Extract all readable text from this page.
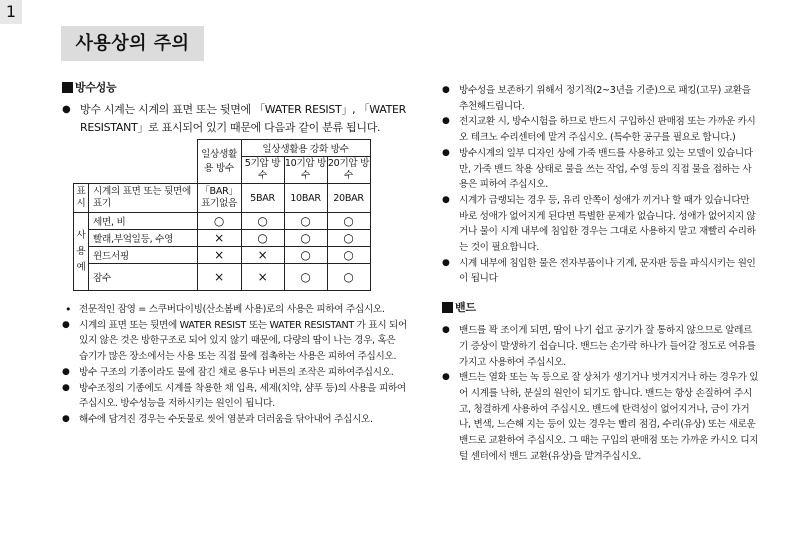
1
사용상의 주의
방수성능
● 방수 시계는 시계의 표면 또는 뒷면에 「WATER RESIST」, 「WATER RESISTANT」로 표시되어 있기 때문에 다음과 같이 분류 됩니다.
		일상생활용 방수	일상생활용 강화 방수		
			5기압 방수	10기압 방수	20기압 방수
표시	시계의 표면 또는 뒷면에 표기	「BAR」 표기없음	5BAR	10BAR	20BAR
사용예	세면, 비	○	○	○	○
	빨래,부엌일등, 수영	×	○	○	○
	윈드서핑	×	×	○	○
	잠수	×	×	○	○
• 전문적인 잠영 = 스쿠버다이빙(산소봄베 사용)로의 사용은 피하여 주십시오.
● 시계의 표면 또는 뒷면에 WATER RESIST 또는 WATER RESISTANT 가 표시 되어 있지 않은 것은 방한구조로 되어 있지 않기 때문에, 다량의 땀이 나는 경우, 혹은 습기가 많은 장소에서는 사용 또는 직접 물에 접촉하는 사용은 피하여 주십시오.
● 방수 구조의 기종이라도 물에 잠긴 채로 용두나 버튼의 조작은 피하여주십시오.
● 방수조정의 기종에도 시계를 착용한 채 입욕, 세제(치약, 샴푸 등)의 사용을 피하여주십시오. 방수성능을 저하시키는 원인이 됩니다.
● 해수에 담겨진 경우는 수돗물로 씻어 염분과 더러움을 닦아내어 주십시오.
● 방수성을 보존하기 위해서 정기적(2~3년을 기준)으로 패킹(고무) 교환을 추천해드립니다.
● 전지교환 시, 방수시험을 하므로 반드시 구입하신 판매점 또는 가까운 카시오 테크노 수리센터에 맡겨 주십시오. (특수한 공구를 필요로 합니다.)
● 방수시계의 일부 디자인 상에 가죽 밴드를 사용하고 있는 모델이 있습니다만, 가죽 밴드 착용 상태로 물을 쓰는 작업, 수영 등의 직접 물을 접하는 사용은 피하여 주십시오.
● 시계가 급랭되는 경우 등, 유리 안쪽이 성애가 끼거나 할 때가 있습니다만 바로 성애가 없어지게 된다면 특별한 문제가 없습니다. 성애가 없어지지 않거나 물이 시계 내부에 침입한 경우는 그대로 사용하지 말고 재빨리 수리하는 것이 필요합니다.
● 시계 내부에 침입한 물은 전자부품이나 기계, 문자판 등을 파식시키는 원인이 됩니다
밴드
● 밴드를 꽉 조이게 되면, 땀이 나기 쉽고 공기가 잘 통하지 않으므로 알레르기 증상이 발생하기 쉽습니다. 밴드는 손가락 하나가 들어갈 정도로 여유를 가지고 사용하여 주십시오.
● 밴드는 열화 또는 녹 등으로 잘 상처가 생기거나 벗겨지거나 하는 경우가 있어 시계를 낙하, 분실의 원인이 되기도 합니다. 밴드는 항상 손질하여 주시고, 청결하게 사용하여 주십시오. 밴드에 탄력성이 없어지거나, 금이 가거나, 변색, 느슨해 지는 등이 있는 경우는 빨리 점검, 수리(유상) 또는 새로운 밴드로 교환하여 주십시오. 그 때는 구입의 판매점 또는 가까운 카시오 디지털 센터에서 밴드 교환(유상)을 맡겨주십시오.
